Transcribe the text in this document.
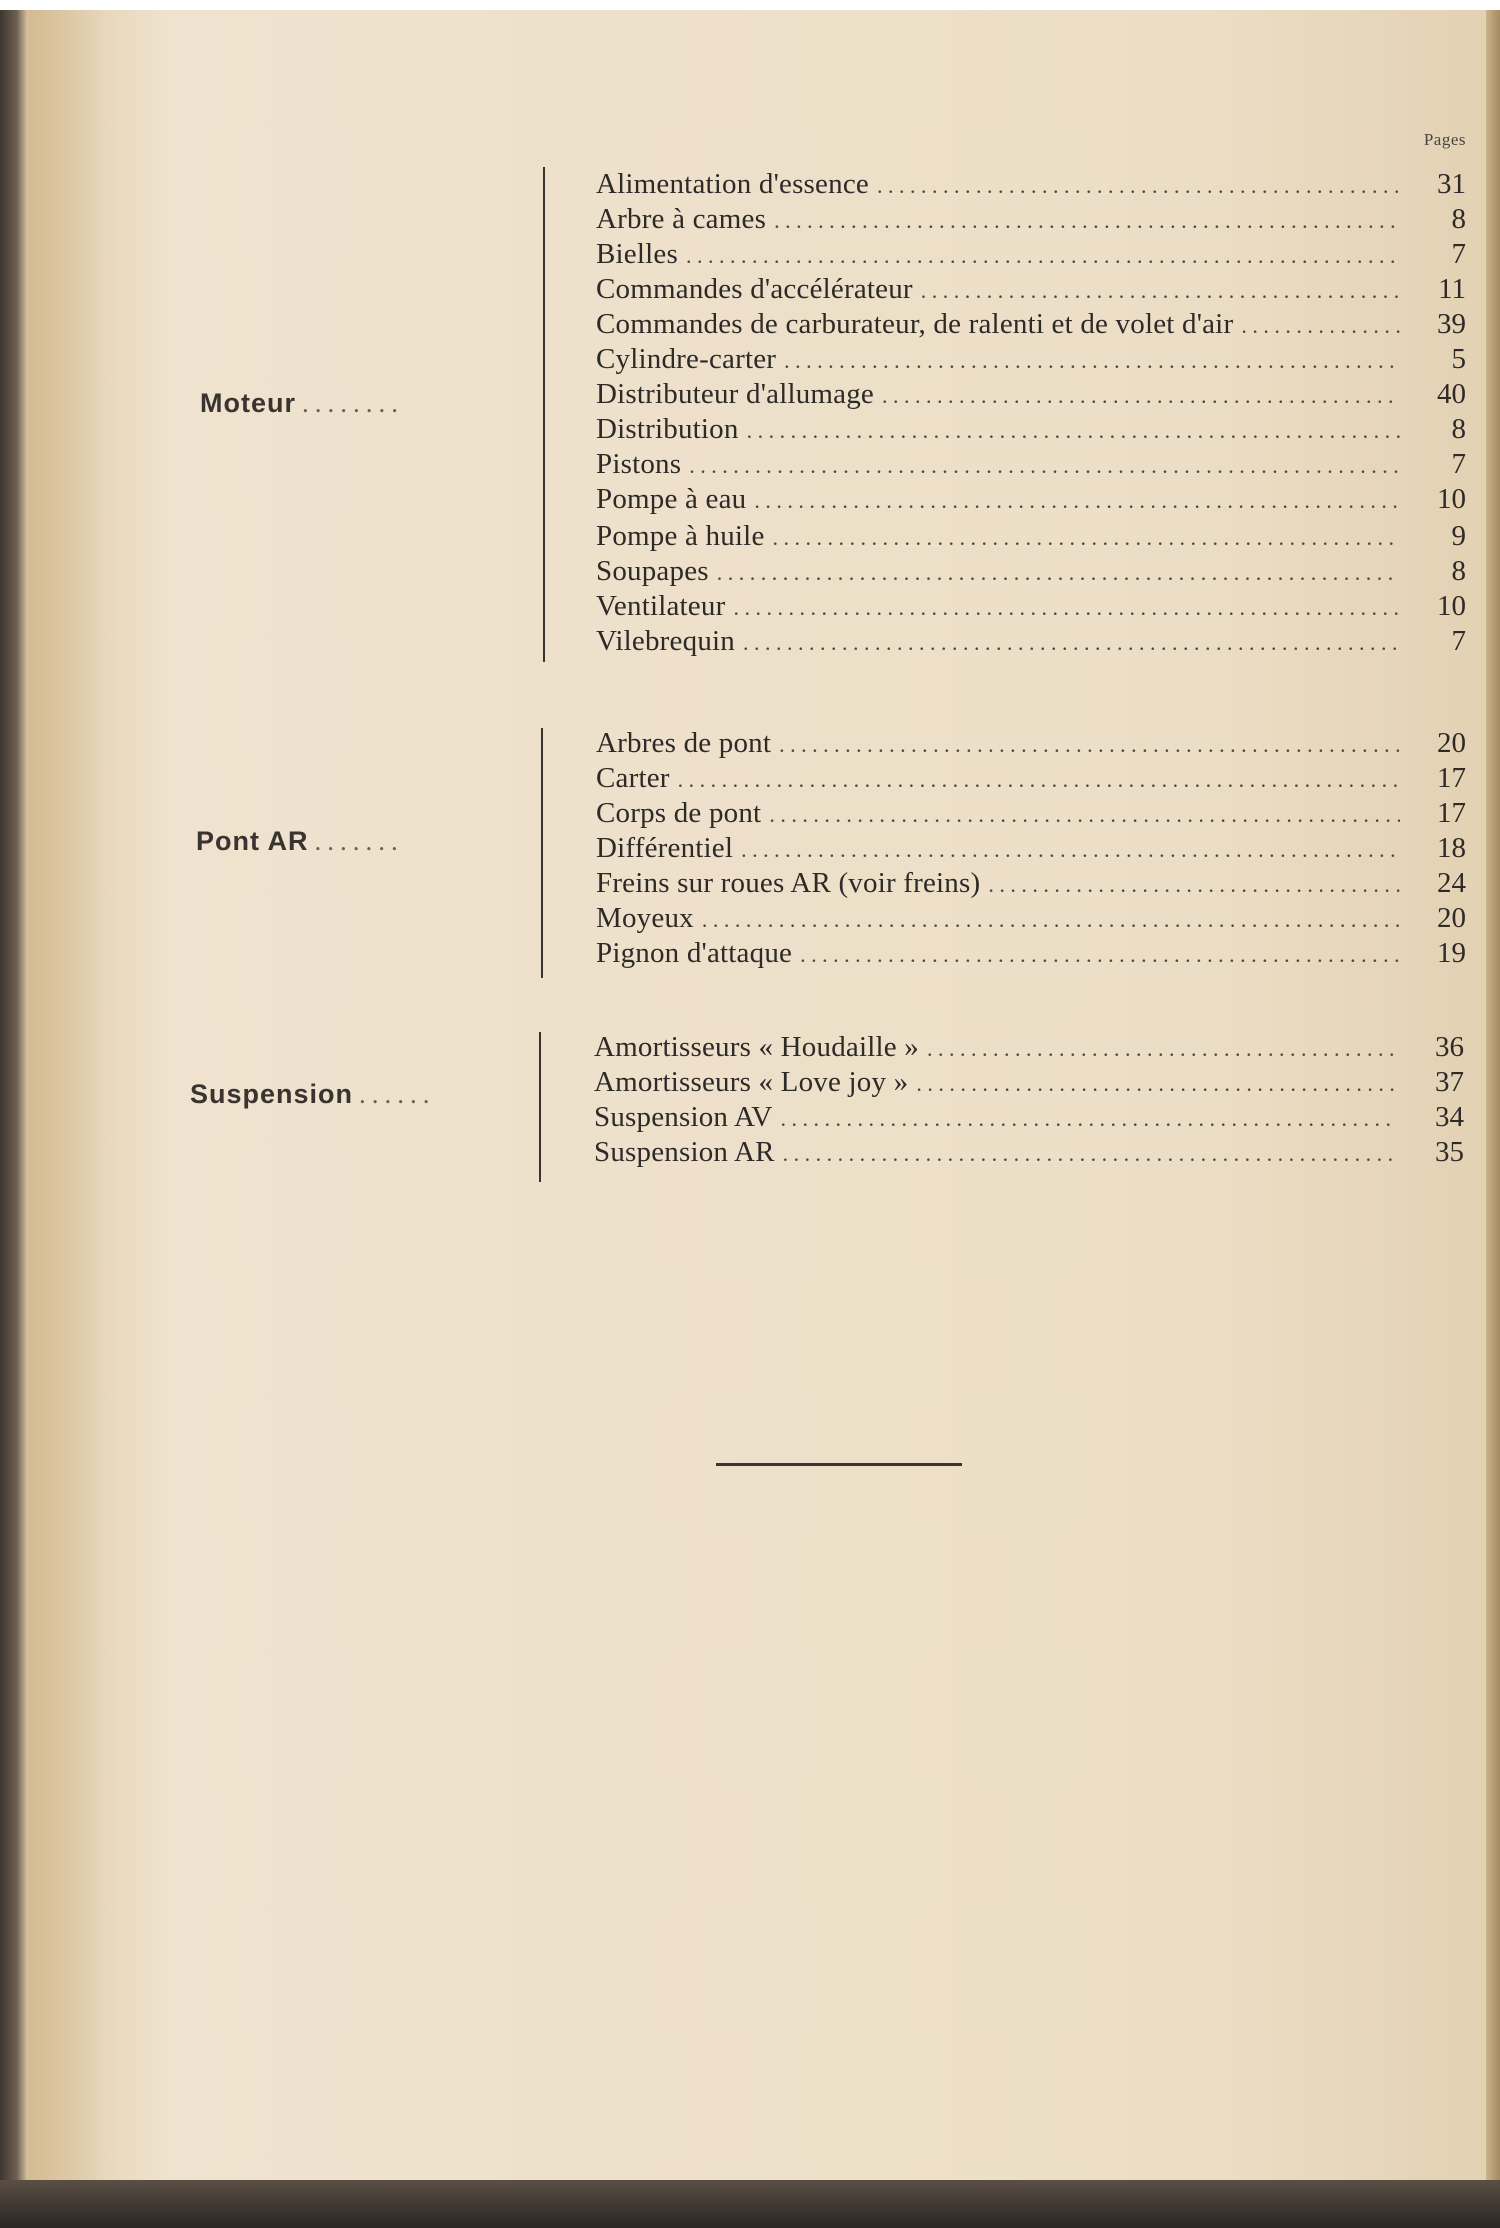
Pages
Moteur ........
Alimentation d'essence . . .	31
Arbre à cames . . .	8
Bielles . . .	7
Commandes d'accélérateur . . .	11
Commandes de carburateur, de ralenti et de volet d'air . . .	39
Cylindre-carter . . .	5
Distributeur d'allumage . . .	40
Distribution . . .	8
Pistons . . .	7
Pompe à eau . . .	10
Pompe à huile . . .	9
Soupapes . . .	8
Ventilateur . . .	10
Vilebrequin . . .	7
Pont AR .......
Arbres de pont . . .	20
Carter . . .	17
Corps de pont . . .	17
Différentiel . . .	18
Freins sur roues AR (voir freins) . . .	24
Moyeux . . .	20
Pignon d'attaque . . .	19
Suspension ......
Amortisseurs « Houdaille » . . .	36
Amortisseurs « Love joy » . . .	37
Suspension AV . . .	34
Suspension AR . . .	35
